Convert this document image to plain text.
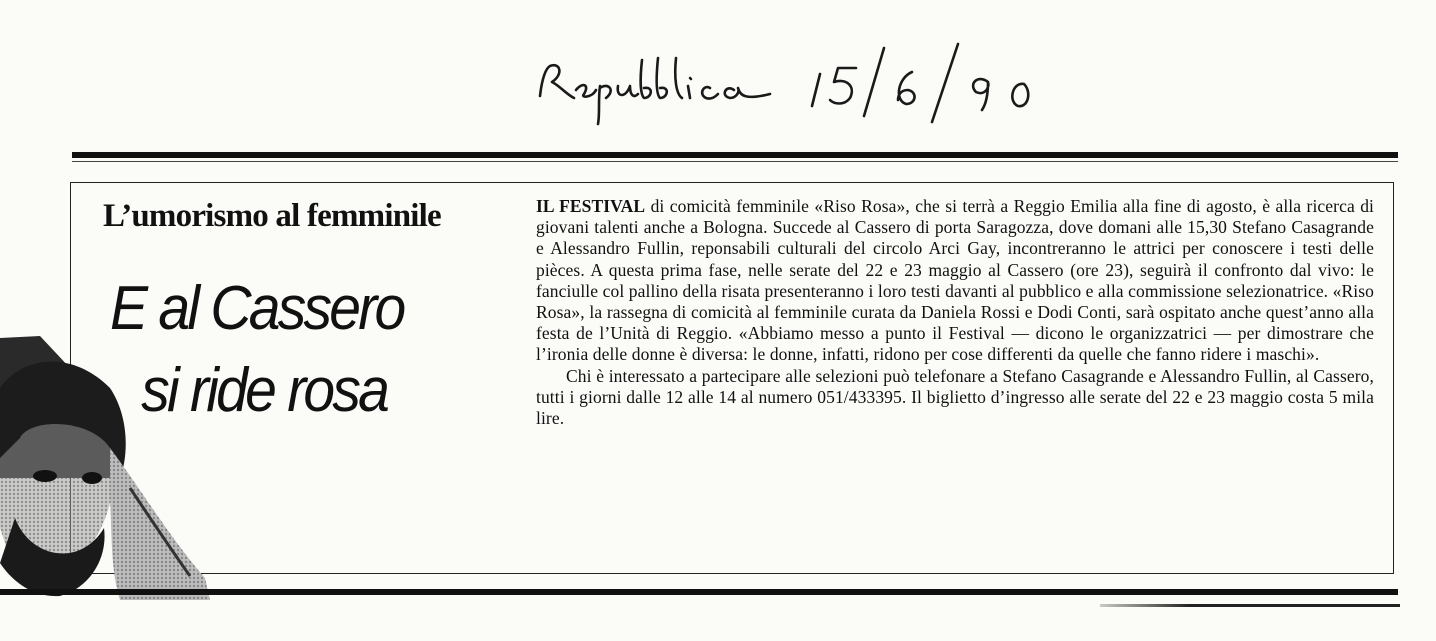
L’umorismo al femminile
E al Cassero
si ride rosa

IL FESTIVAL di comicità femminile «Riso Rosa», che si terrà a Reggio Emilia alla fine di agosto, è alla ricerca di giovani talenti anche a Bologna. Succede al Cassero di porta Saragozza, dove domani alle 15,30 Stefano Casagrande e Alessandro Fullin, reponsabili culturali del circolo Arci Gay, incontreranno le attrici per conoscere i testi delle pièces. A questa prima fase, nelle serate del 22 e 23 maggio al Cassero (ore 23), seguirà il confronto dal vivo: le fanciulle col pallino della risata presenteranno i loro testi davanti al pubblico e alla commissione selezionatrice. «Riso Rosa», la rassegna di comicità al femminile curata da Daniela Rossi e Dodi Conti, sarà ospitato anche quest’anno alla festa de l’Unità di Reggio. «Abbiamo messo a punto il Festival — dicono le organizzatrici — per dimostrare che l’ironia delle donne è diversa: le donne, infatti, ridono per cose differenti da quelle che fanno ridere i maschi».

Chi è interessato a partecipare alle selezioni può telefonare a Stefano Casagrande e Alessandro Fullin, al Cassero, tutti i giorni dalle 12 alle 14 al numero 051/433395. Il biglietto d’ingresso alle serate del 22 e 23 maggio costa 5 mila lire.
